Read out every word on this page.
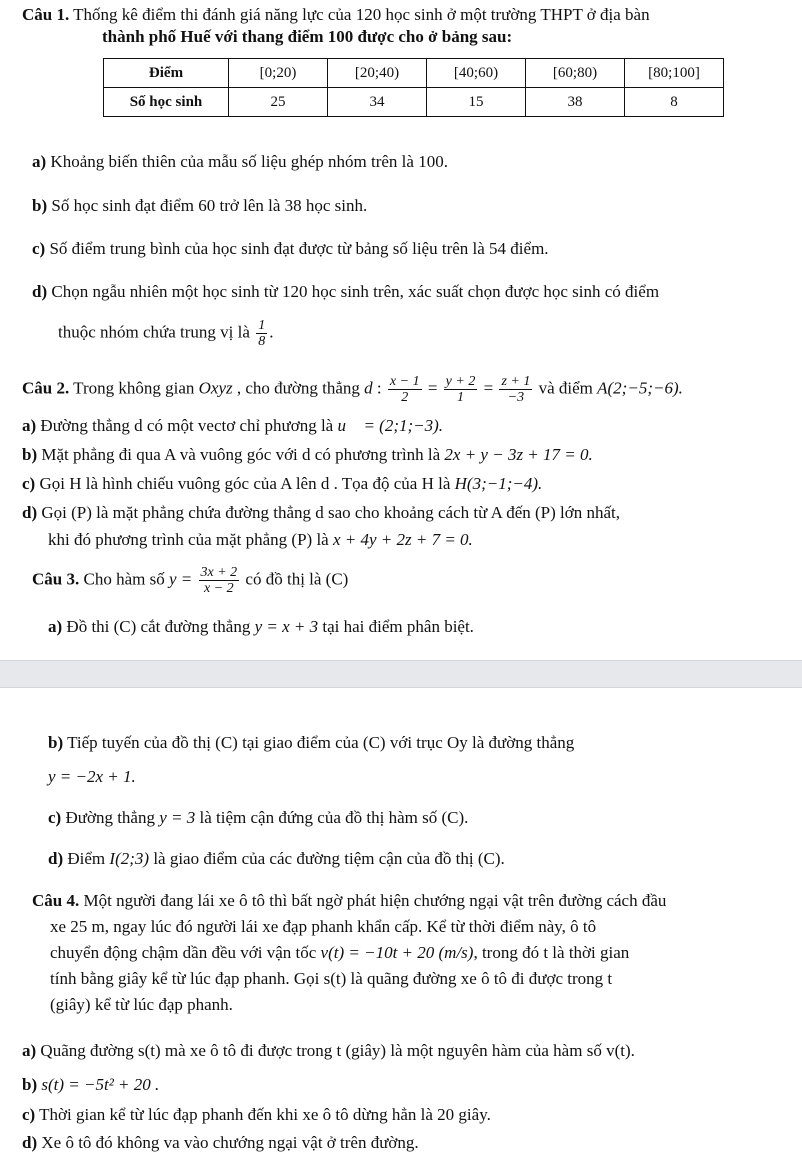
Câu 1. Thống kê điểm thi đánh giá năng lực của 120 học sinh ở một trường THPT ở địa bàn
thành phố Huế với thang điểm 100 được cho ở bảng sau:
Điểm	[0;20)	[20;40)	[40;60)	[60;80)	[80;100]
Số học sinh	25	34	15	38	8
a) Khoảng biến thiên của mẫu số liệu ghép nhóm trên là 100.
b) Số học sinh đạt điểm 60 trở lên là 38 học sinh.
c) Số điểm trung bình của học sinh đạt được từ bảng số liệu trên là 54 điểm.
d) Chọn ngẫu nhiên một học sinh từ 120 học sinh trên, xác suất chọn được học sinh có điểm
thuộc nhóm chứa trung vị là $\frac{1}{8}$ .
Câu 2. Trong không gian Oxyz , cho đường thẳng d : $\frac{x - 1}{2} = \frac{y + 2}{1} = \frac{z + 1}{-3}$ và điểm A(2;−5;−6).
a) Đường thẳng d có một vectơ chỉ phương là u⃗ = (2;1;−3).
b) Mặt phẳng đi qua A và vuông góc với d có phương trình là 2x + y − 3z + 17 = 0.
c) Gọi H là hình chiếu vuông góc của A lên d . Tọa độ của H là H(3;−1;−4).
d) Gọi (P) là mặt phẳng chứa đường thẳng d sao cho khoảng cách từ A đến (P) lớn nhất,
khi đó phương trình của mặt phẳng (P) là x + 4y + 2z + 7 = 0.
Câu 3. Cho hàm số $y = \frac{3x + 2}{x - 2}$ có đồ thị là (C)
a) Đồ thi (C) cắt đường thẳng y = x + 3 tại hai điểm phân biệt.
b) Tiếp tuyến của đồ thị (C) tại giao điểm của (C) với trục Oy là đường thẳng
y = −2x + 1.
c) Đường thẳng y = 3 là tiệm cận đứng của đồ thị hàm số (C).
d) Điểm I(2;3) là giao điểm của các đường tiệm cận của đồ thị (C).
Câu 4. Một người đang lái xe ô tô thì bất ngờ phát hiện chướng ngại vật trên đường cách đầu
xe 25 m, ngay lúc đó người lái xe đạp phanh khẩn cấp. Kể từ thời điểm này, ô tô
chuyển động chậm dần đều với vận tốc v(t) = −10t + 20 (m/s), trong đó t là thời gian
tính bằng giây kể từ lúc đạp phanh. Gọi s(t) là quãng đường xe ô tô đi được trong t
(giây) kể từ lúc đạp phanh.
a) Quãng đường s(t) mà xe ô tô đi được trong t (giây) là một nguyên hàm của hàm số v(t).
b) s(t) = −5t² + 20 .
c) Thời gian kể từ lúc đạp phanh đến khi xe ô tô dừng hẳn là 20 giây.
d) Xe ô tô đó không va vào chướng ngại vật ở trên đường.
